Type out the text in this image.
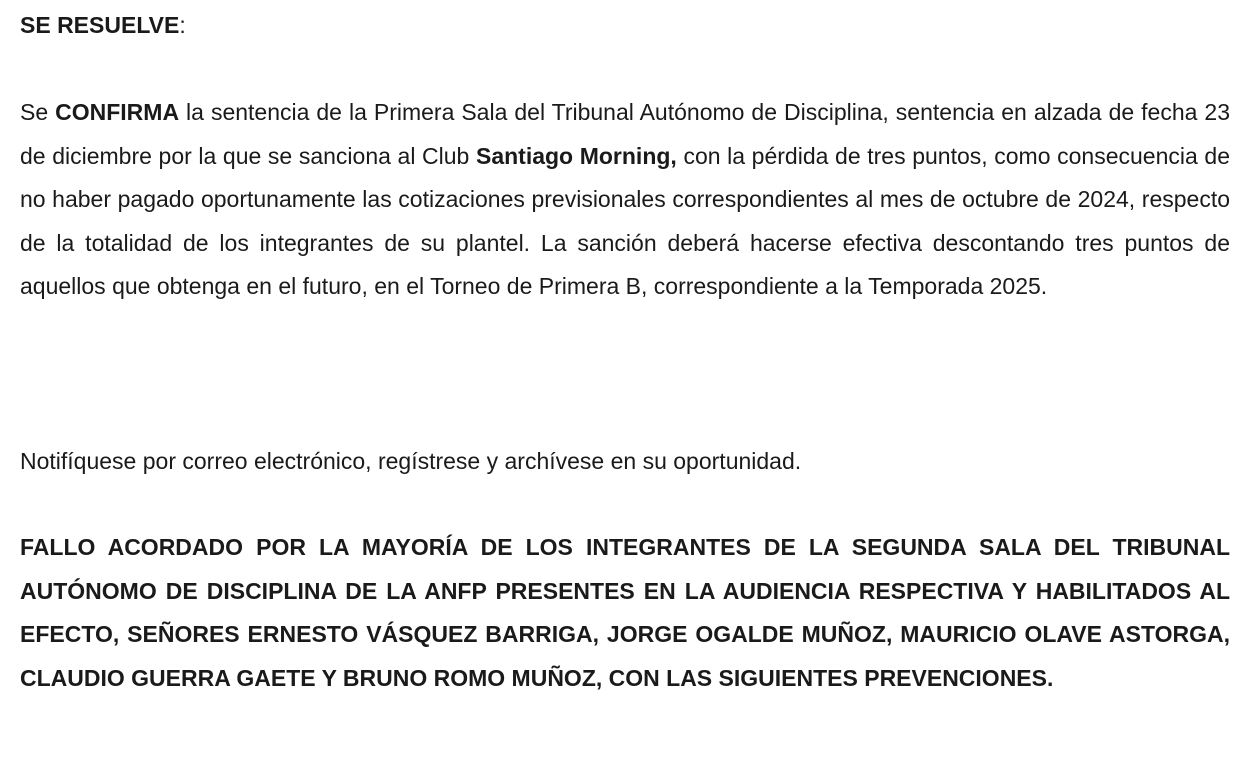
SE RESUELVE:

Se CONFIRMA la sentencia de la Primera Sala del Tribunal Autónomo de Disciplina, sentencia en alzada de fecha 23 de diciembre por la que se sanciona al Club Santiago Morning, con la pérdida de tres puntos, como consecuencia de no haber pagado oportunamente las cotizaciones previsionales correspondientes al mes de octubre de 2024, respecto de la totalidad de los integrantes de su plantel. La sanción deberá hacerse efectiva descontando tres puntos de aquellos que obtenga en el futuro, en el Torneo de Primera B, correspondiente a la Temporada 2025.

Notifíquese por correo electrónico, regístrese y archívese en su oportunidad.

FALLO ACORDADO POR LA MAYORÍA DE LOS INTEGRANTES DE LA SEGUNDA SALA DEL TRIBUNAL AUTÓNOMO DE DISCIPLINA DE LA ANFP PRESENTES EN LA AUDIENCIA RESPECTIVA Y HABILITADOS AL EFECTO, SEÑORES ERNESTO VÁSQUEZ BARRIGA, JORGE OGALDE MUÑOZ, MAURICIO OLAVE ASTORGA, CLAUDIO GUERRA GAETE Y BRUNO ROMO MUÑOZ, CON LAS SIGUIENTES PREVENCIONES.
